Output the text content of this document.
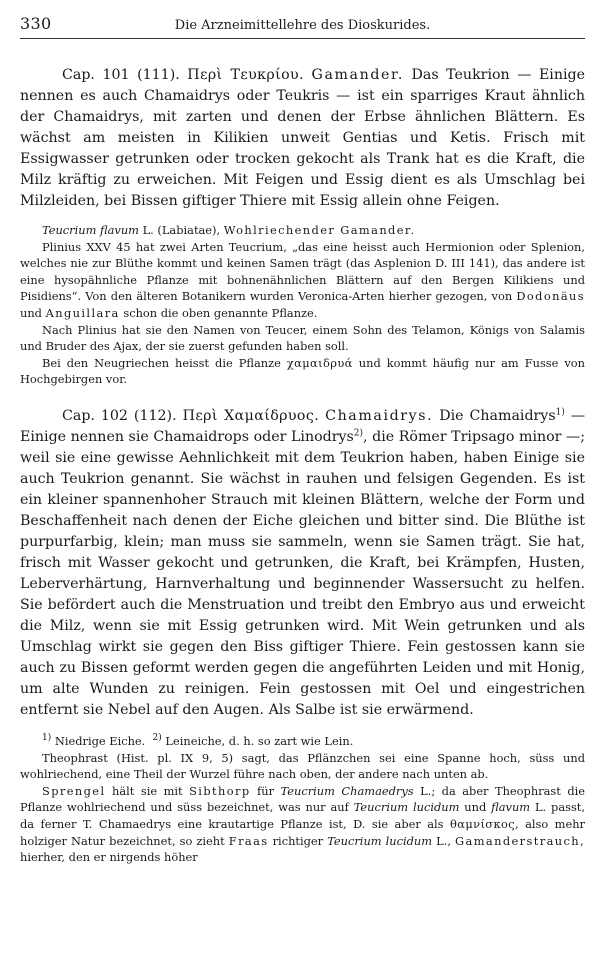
330	Die Arzneimittellehre des Dioskurides.

Cap. 101 (111). Περὶ Τευκρίου. Gamander. Das Teukrion — Einige nennen es auch Chamaidrys oder Teukris — ist ein sparriges Kraut ähnlich der Chamaidrys, mit zarten und denen der Erbse ähnlichen Blättern. Es wächst am meisten in Kilikien unweit Gentias und Ketis. Frisch mit Essigwasser getrunken oder trocken gekocht als Trank hat es die Kraft, die Milz kräftig zu erweichen. Mit Feigen und Essig dient es als Umschlag bei Milzleiden, bei Bissen giftiger Thiere mit Essig allein ohne Feigen.

Teucrium flavum L. (Labiatae), Wohlriechender Gamander.

Plinius XXV 45 hat zwei Arten Teucrium, „das eine heisst auch Hermionion oder Splenion, welches nie zur Blüthe kommt und keinen Samen trägt (das Asplenion D. III 141), das andere ist eine hysopähnliche Pflanze mit bohnenähnlichen Blättern auf den Bergen Kilikiens und Pisidiens“. Von den älteren Botanikern wurden Veronica-Arten hierher gezogen, von Dodonäus und Anguillara schon die oben genannte Pflanze.

Nach Plinius hat sie den Namen von Teucer, einem Sohn des Telamon, Königs von Salamis und Bruder des Ajax, der sie zuerst gefunden haben soll.

Bei den Neugriechen heisst die Pflanze χαμαιδρυά und kommt häufig nur am Fusse von Hochgebirgen vor.

Cap. 102 (112). Περὶ Χαμαίδρυος. Chamaidrys. Die Chamaidrys$^{1)}$ — Einige nennen sie Chamaidrops oder Linodrys$^{2)}$, die Römer Tripsago minor —; weil sie eine gewisse Aehnlichkeit mit dem Teukrion haben, haben Einige sie auch Teukrion genannt. Sie wächst in rauhen und felsigen Gegenden. Es ist ein kleiner spannenhoher Strauch mit kleinen Blättern, welche der Form und Beschaffenheit nach denen der Eiche gleichen und bitter sind. Die Blüthe ist purpurfarbig, klein; man muss sie sammeln, wenn sie Samen trägt. Sie hat, frisch mit Wasser gekocht und getrunken, die Kraft, bei Krämpfen, Husten, Leberverhärtung, Harnverhaltung und beginnender Wassersucht zu helfen. Sie befördert auch die Menstruation und treibt den Embryo aus und erweicht die Milz, wenn sie mit Essig getrunken wird. Mit Wein getrunken und als Umschlag wirkt sie gegen den Biss giftiger Thiere. Fein gestossen kann sie auch zu Bissen geformt werden gegen die angeführten Leiden und mit Honig, um alte Wunden zu reinigen. Fein gestossen mit Oel und eingestrichen entfernt sie Nebel auf den Augen. Als Salbe ist sie erwärmend.

$^{1)}$ Niedrige Eiche. $^{2)}$ Leineiche, d. h. so zart wie Lein.

Theophrast (Hist. pl. IX 9, 5) sagt, das Pflänzchen sei eine Spanne hoch, süss und wohlriechend, eine Theil der Wurzel führe nach oben, der andere nach unten ab.

Sprengel hält sie mit Sibthorp für Teucrium Chamaedrys L.; da aber Theophrast die Pflanze wohlriechend und süss bezeichnet, was nur auf Teucrium lucidum und flavum L. passt, da ferner T. Chamaedrys eine krautartige Pflanze ist, D. sie aber als θαμνίσκος, also mehr holziger Natur bezeichnet, so zieht Fraas richtiger Teucrium lucidum L., Gamanderstrauch, hierher, den er nirgends höher
